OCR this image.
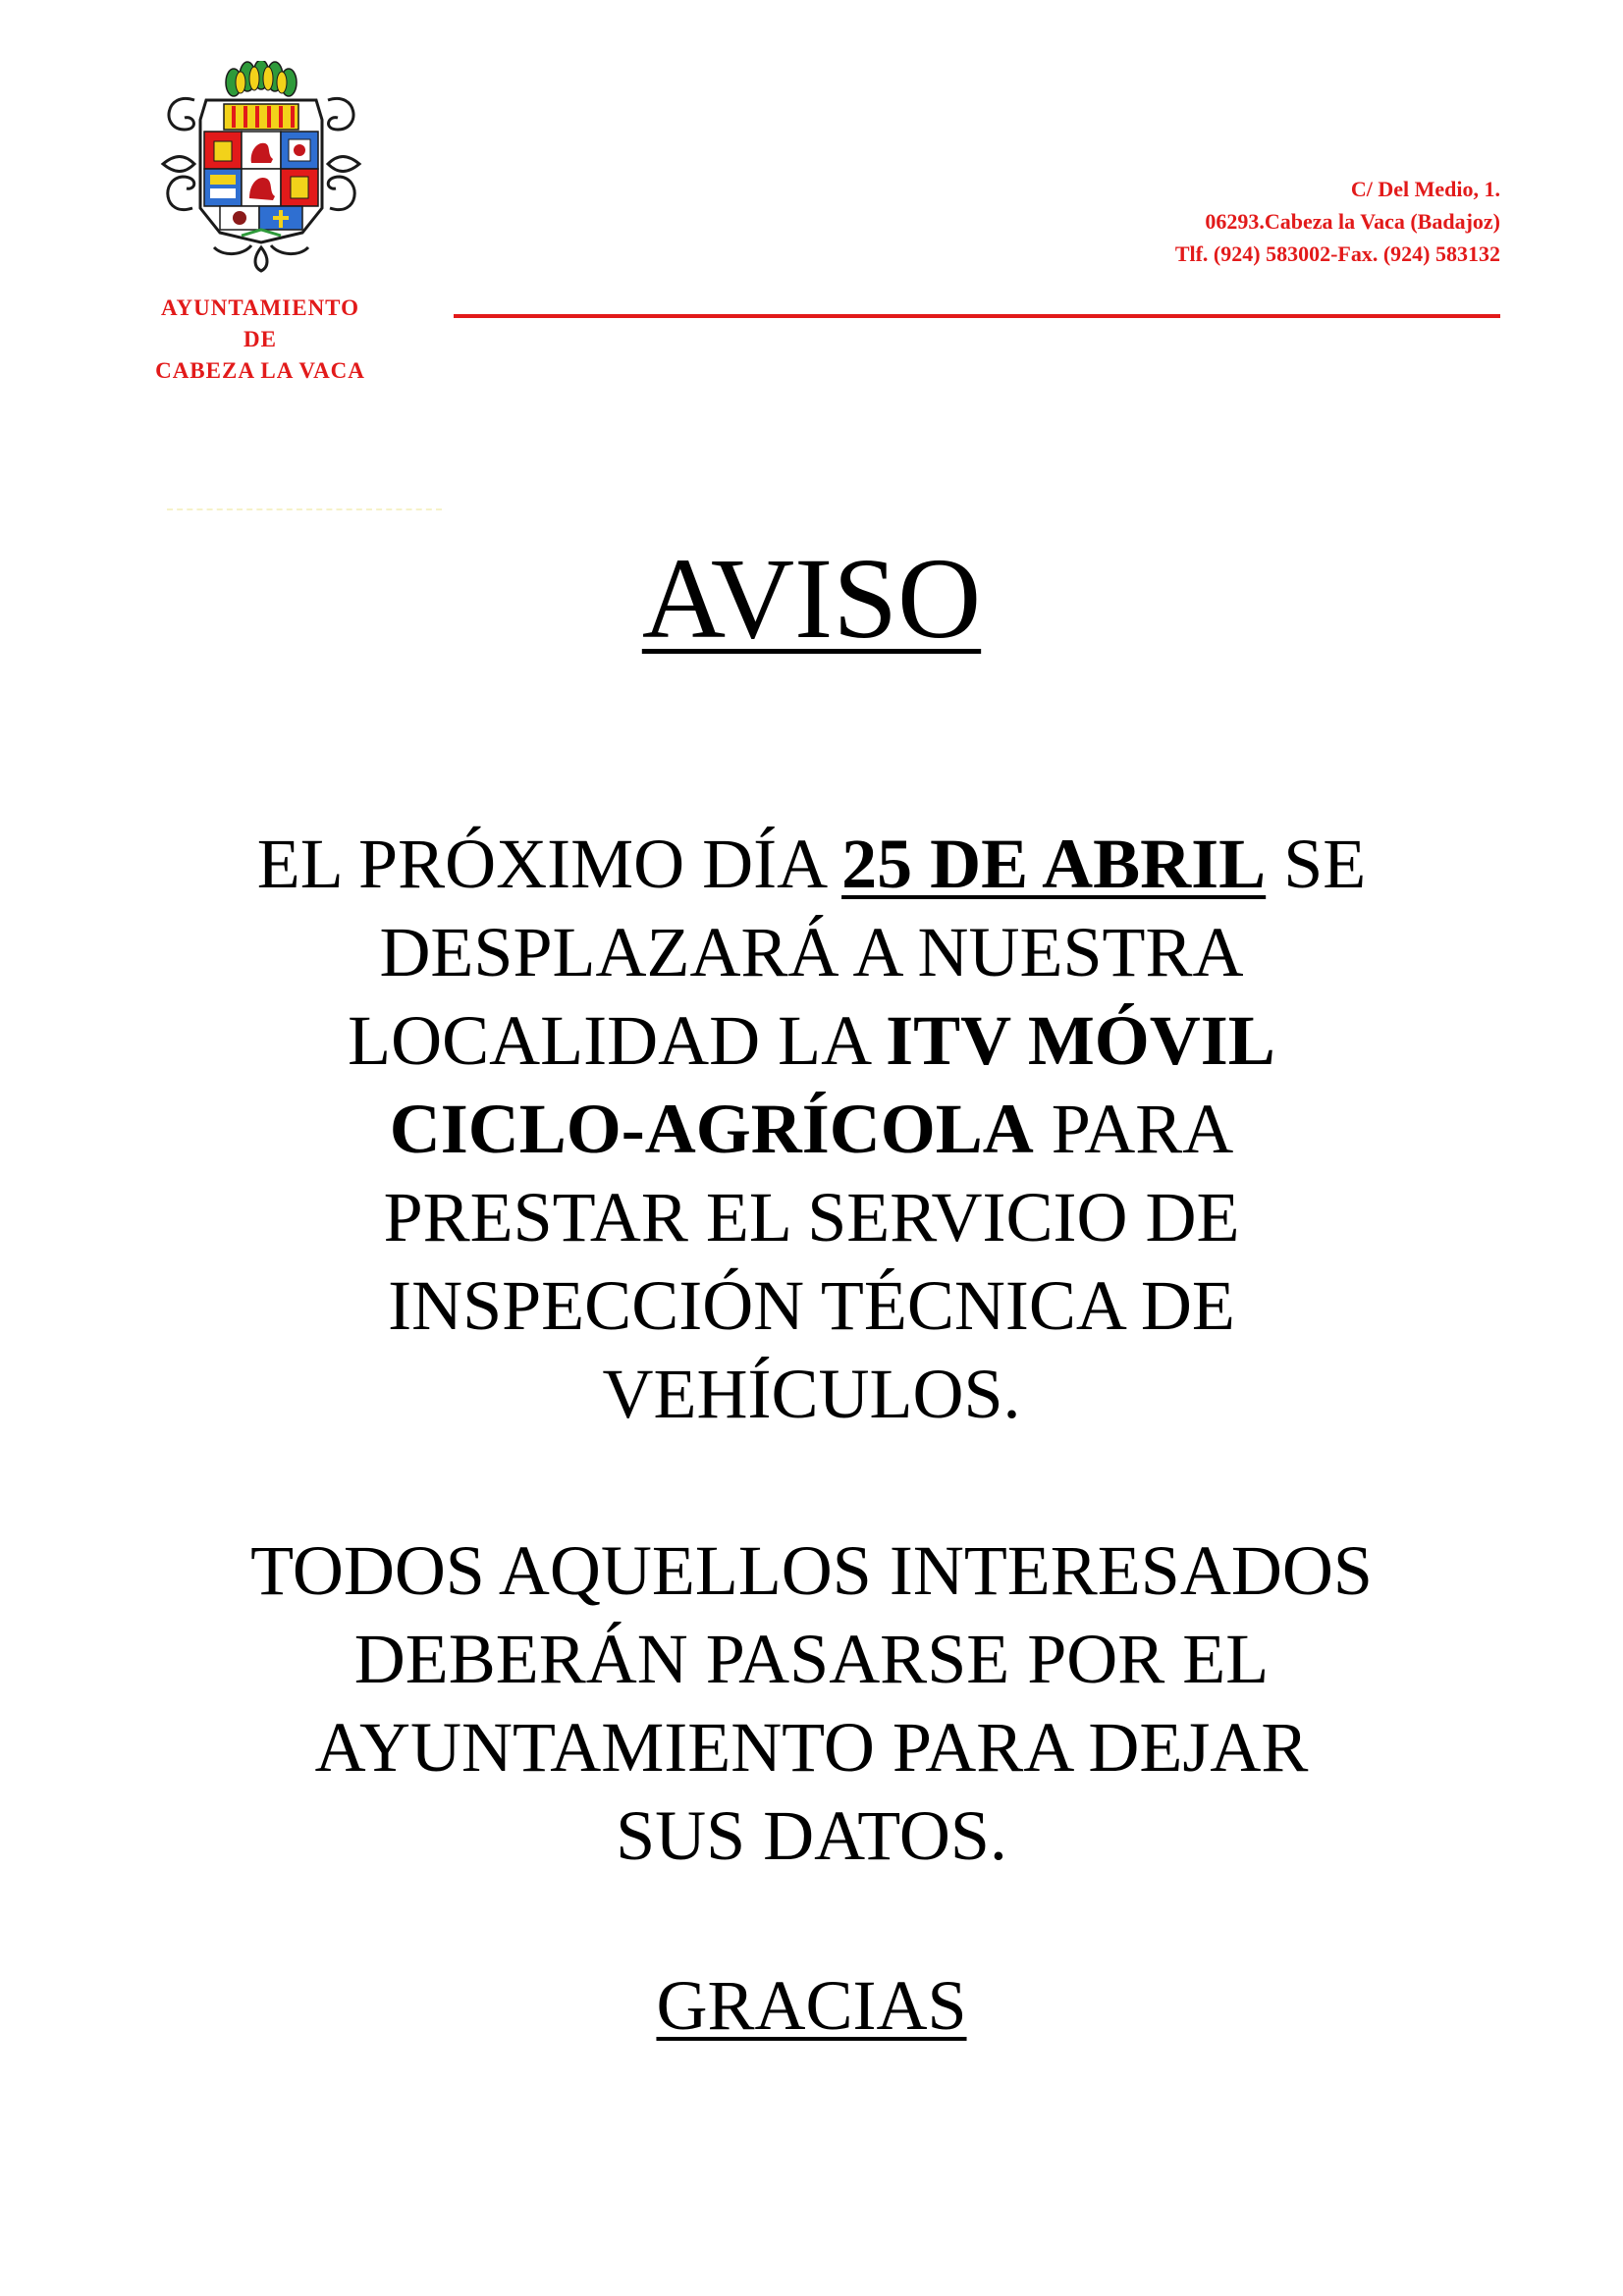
AYUNTAMIENTO
DE
CABEZA LA VACA
C/ Del Medio, 1.
06293.Cabeza la Vaca (Badajoz)
Tlf. (924) 583002-Fax. (924) 583132
AVISO
EL PRÓXIMO DÍA 25 DE ABRIL SE
DESPLAZARÁ A NUESTRA
LOCALIDAD LA ITV MÓVIL
CICLO-AGRÍCOLA PARA
PRESTAR EL SERVICIO DE
INSPECCIÓN TÉCNICA DE
VEHÍCULOS.
TODOS AQUELLOS INTERESADOS
DEBERÁN PASARSE POR EL
AYUNTAMIENTO PARA DEJAR
SUS DATOS.
GRACIAS
